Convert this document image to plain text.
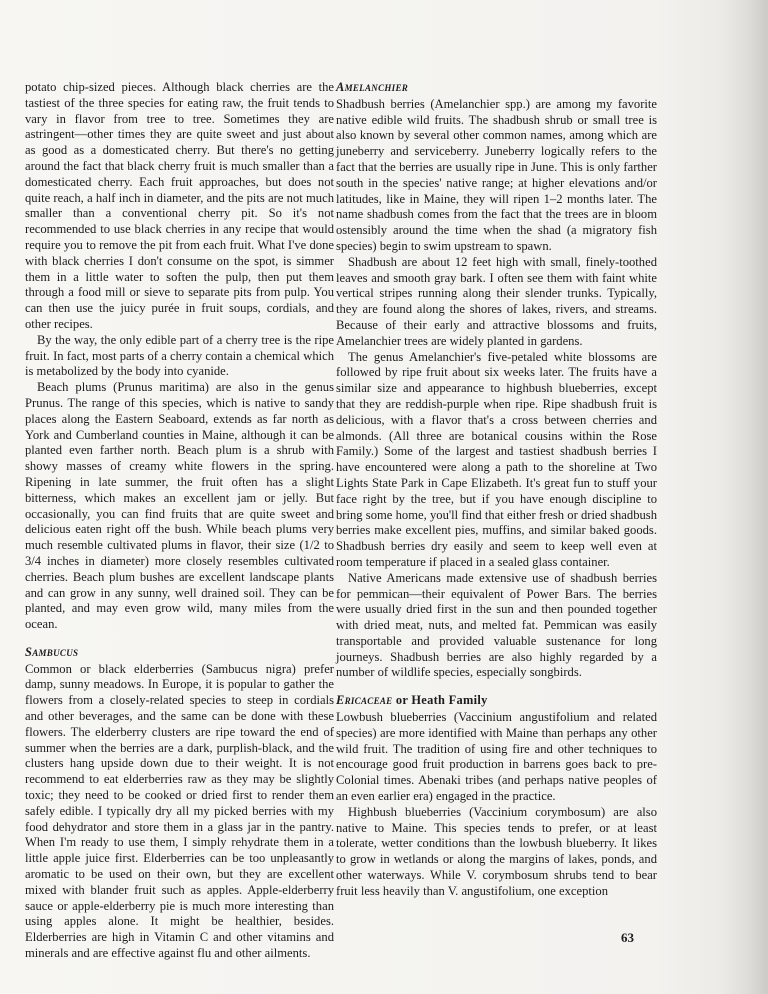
potato chip-sized pieces. Although black cherries are the tastiest of the three species for eating raw, the fruit tends to vary in flavor from tree to tree. Sometimes they are astringent—other times they are quite sweet and just about as good as a domesticated cherry. But there's no getting around the fact that black cherry fruit is much smaller than a domesticated cherry. Each fruit approaches, but does not quite reach, a half inch in diameter, and the pits are not much smaller than a conventional cherry pit. So it's not recommended to use black cherries in any recipe that would require you to remove the pit from each fruit. What I've done with black cherries I don't consume on the spot, is simmer them in a little water to soften the pulp, then put them through a food mill or sieve to separate pits from pulp. You can then use the juicy purée in fruit soups, cordials, and other recipes.

By the way, the only edible part of a cherry tree is the ripe fruit. In fact, most parts of a cherry contain a chemical which is metabolized by the body into cyanide.

Beach plums (Prunus maritima) are also in the genus Prunus. The range of this species, which is native to sandy places along the Eastern Seaboard, extends as far north as York and Cumberland counties in Maine, although it can be planted even farther north. Beach plum is a shrub with showy masses of creamy white flowers in the spring. Ripening in late summer, the fruit often has a slight bitterness, which makes an excellent jam or jelly. But occasionally, you can find fruits that are quite sweet and delicious eaten right off the bush. While beach plums very much resemble cultivated plums in flavor, their size (1/2 to 3/4 inches in diameter) more closely resembles cultivated cherries. Beach plum bushes are excellent landscape plants and can grow in any sunny, well drained soil. They can be planted, and may even grow wild, many miles from the ocean.

Sambucus

Common or black elderberries (Sambucus nigra) prefer damp, sunny meadows. In Europe, it is popular to gather the flowers from a closely-related species to steep in cordials and other beverages, and the same can be done with these flowers. The elderberry clusters are ripe toward the end of summer when the berries are a dark, purplish-black, and the clusters hang upside down due to their weight. It is not recommend to eat elderberries raw as they may be slightly toxic; they need to be cooked or dried first to render them safely edible. I typically dry all my picked berries with my food dehydrator and store them in a glass jar in the pantry. When I'm ready to use them, I simply rehydrate them in a little apple juice first. Elderberries can be too unpleasantly aromatic to be used on their own, but they are excellent mixed with blander fruit such as apples. Apple-elderberry sauce or apple-elderberry pie is much more interesting than using apples alone. It might be healthier, besides. Elderberries are high in Vitamin C and other vitamins and minerals and are effective against flu and other ailments.

Amelanchier

Shadbush berries (Amelanchier spp.) are among my favorite native edible wild fruits. The shadbush shrub or small tree is also known by several other common names, among which are juneberry and serviceberry. Juneberry logically refers to the fact that the berries are usually ripe in June. This is only farther south in the species' native range; at higher elevations and/or latitudes, like in Maine, they will ripen 1–2 months later. The name shadbush comes from the fact that the trees are in bloom ostensibly around the time when the shad (a migratory fish species) begin to swim upstream to spawn.

Shadbush are about 12 feet high with small, finely-toothed leaves and smooth gray bark. I often see them with faint white vertical stripes running along their slender trunks. Typically, they are found along the shores of lakes, rivers, and streams. Because of their early and attractive blossoms and fruits, Amelanchier trees are widely planted in gardens.

The genus Amelanchier's five-petaled white blossoms are followed by ripe fruit about six weeks later. The fruits have a similar size and appearance to highbush blueberries, except that they are reddish-purple when ripe. Ripe shadbush fruit is delicious, with a flavor that's a cross between cherries and almonds. (All three are botanical cousins within the Rose Family.) Some of the largest and tastiest shadbush berries I have encountered were along a path to the shoreline at Two Lights State Park in Cape Elizabeth. It's great fun to stuff your face right by the tree, but if you have enough discipline to bring some home, you'll find that either fresh or dried shadbush berries make excellent pies, muffins, and similar baked goods. Shadbush berries dry easily and seem to keep well even at room temperature if placed in a sealed glass container.

Native Americans made extensive use of shadbush berries for pemmican—their equivalent of Power Bars. The berries were usually dried first in the sun and then pounded together with dried meat, nuts, and melted fat. Pemmican was easily transportable and provided valuable sustenance for long journeys. Shadbush berries are also highly regarded by a number of wildlife species, especially songbirds.

Ericaceae or Heath Family

Lowbush blueberries (Vaccinium angustifolium and related species) are more identified with Maine than perhaps any other wild fruit. The tradition of using fire and other techniques to encourage good fruit production in barrens goes back to pre-Colonial times. Abenaki tribes (and perhaps native peoples of an even earlier era) engaged in the practice.

Highbush blueberries (Vaccinium corymbosum) are also native to Maine. This species tends to prefer, or at least tolerate, wetter conditions than the lowbush blueberry. It likes to grow in wetlands or along the margins of lakes, ponds, and other waterways. While V. corymbosum shrubs tend to bear fruit less heavily than V. angustifolium, one exception

63
